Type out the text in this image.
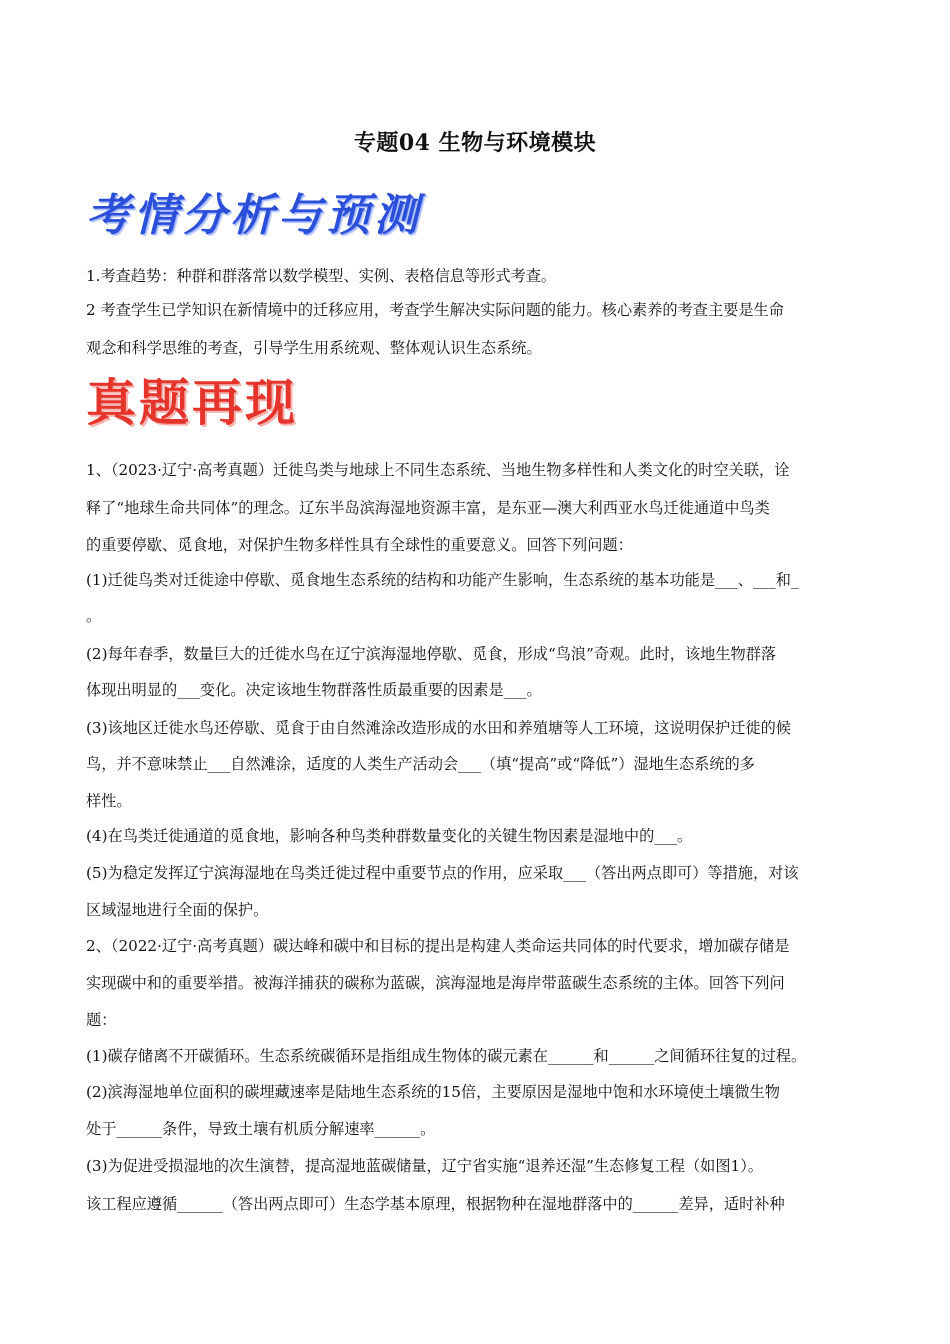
专题04 生物与环境模块
考情分析与预测
1.考查趋势：种群和群落常以数学模型、实例、表格信息等形式考查。
2 考查学生已学知识在新情境中的迁移应用，考查学生解决实际问题的能力。核心素养的考查主要是生命
观念和科学思维的考查，引导学生用系统观、整体观认识生态系统。
真题再现
1、（2023·辽宁·高考真题）迁徙鸟类与地球上不同生态系统、当地生物多样性和人类文化的时空关联，诠
释了“地球生命共同体”的理念。辽东半岛滨海湿地资源丰富，是东亚—澳大利西亚水鸟迁徙通道中鸟类
的重要停歇、觅食地，对保护生物多样性具有全球性的重要意义。回答下列问题：
(1)迁徙鸟类对迁徙途中停歇、觅食地生态系统的结构和功能产生影响，生态系统的基本功能是___、___和_
。
(2)每年春季，数量巨大的迁徙水鸟在辽宁滨海湿地停歇、觅食，形成“鸟浪”奇观。此时，该地生物群落
体现出明显的___变化。决定该地生物群落性质最重要的因素是___。
(3)该地区迁徙水鸟还停歇、觅食于由自然滩涂改造形成的水田和养殖塘等人工环境，这说明保护迁徙的候
鸟，并不意味禁止___自然滩涂，适度的人类生产活动会___（填“提高”或“降低”）湿地生态系统的多
样性。
(4)在鸟类迁徙通道的觅食地，影响各种鸟类种群数量变化的关键生物因素是湿地中的___。
(5)为稳定发挥辽宁滨海湿地在鸟类迁徙过程中重要节点的作用，应采取___（答出两点即可）等措施，对该
区域湿地进行全面的保护。
2、（2022·辽宁·高考真题）碳达峰和碳中和目标的提出是构建人类命运共同体的时代要求，增加碳存储是
实现碳中和的重要举措。被海洋捕获的碳称为蓝碳，滨海湿地是海岸带蓝碳生态系统的主体。回答下列问
题：
(1)碳存储离不开碳循环。生态系统碳循环是指组成生物体的碳元素在______和______之间循环往复的过程。
(2)滨海湿地单位面积的碳埋藏速率是陆地生态系统的15倍，主要原因是湿地中饱和水环境使土壤微生物
处于______条件，导致土壤有机质分解速率______。
(3)为促进受损湿地的次生演替，提高湿地蓝碳储量，辽宁省实施“退养还湿”生态修复工程（如图1）。
该工程应遵循______（答出两点即可）生态学基本原理，根据物种在湿地群落中的______差异，适时补种
